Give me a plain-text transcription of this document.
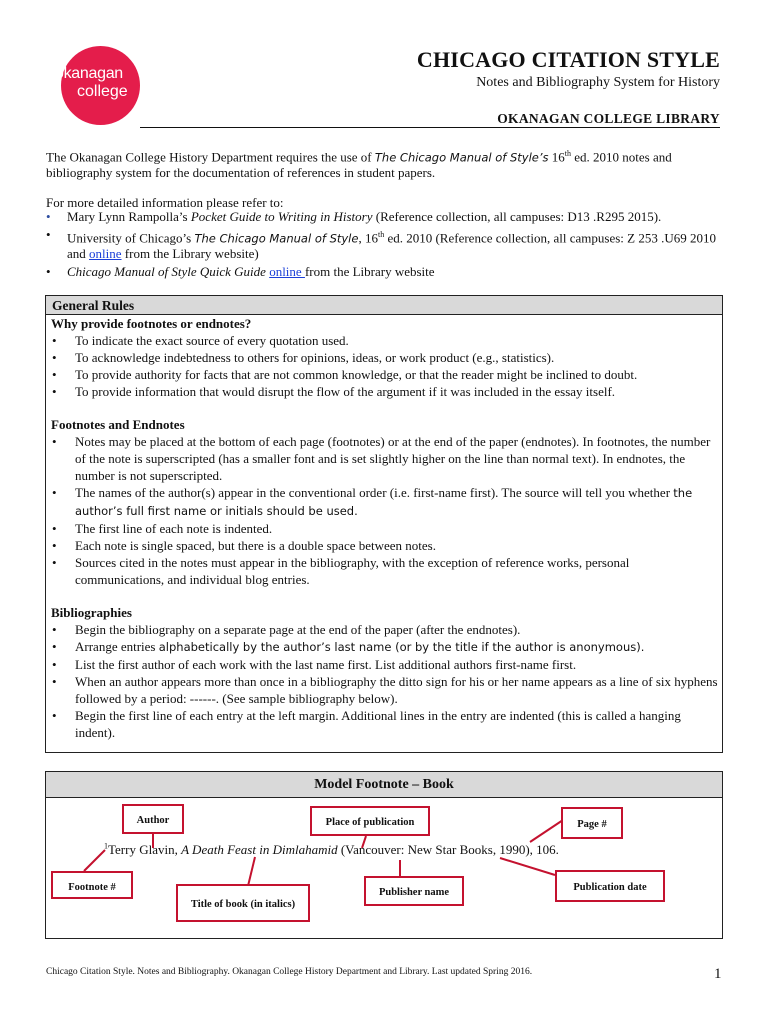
okanagan
college
CHICAGO CITATION STYLE
Notes and Bibliography System for History
OKANAGAN COLLEGE LIBRARY

The Okanagan College History Department requires the use of The Chicago Manual of Style’s 16th ed. 2010 notes and bibliography system for the documentation of references in student papers.

For more detailed information please refer to:

• Mary Lynn Rampolla’s Pocket Guide to Writing in History (Reference collection, all campuses: D13 .R295 2015).
• University of Chicago’s The Chicago Manual of Style, 16th ed. 2010 (Reference collection, all campuses: Z 253 .U69 2010 and online from the Library website)
• Chicago Manual of Style Quick Guide online from the Library website
General Rules
Why provide footnotes or endnotes?
• To indicate the exact source of every quotation used.
• To acknowledge indebtedness to others for opinions, ideas, or work product (e.g., statistics).
• To provide authority for facts that are not common knowledge, or that the reader might be inclined to doubt.
• To provide information that would disrupt the flow of the argument if it was included in the essay itself.
Footnotes and Endnotes
• Notes may be placed at the bottom of each page (footnotes) or at the end of the paper (endnotes). In footnotes, the number of the note is superscripted (has a smaller font and is set slightly higher on the line than normal text). In endnotes, the number is not superscripted.
• The names of the author(s) appear in the conventional order (i.e. first-name first). The source will tell you whether the author’s full first name or initials should be used.
• The first line of each note is indented.
• Each note is single spaced, but there is a double space between notes.
• Sources cited in the notes must appear in the bibliography, with the exception of reference works, personal communications, and individual blog entries.
Bibliographies
• Begin the bibliography on a separate page at the end of the paper (after the endnotes).
• Arrange entries alphabetically by the author’s last name (or by the title if the author is anonymous).
• List the first author of each work with the last name first. List additional authors first-name first.
• When an author appears more than once in a bibliography the ditto sign for his or her name appears as a line of six hyphens followed by a period: ------. (See sample bibliography below).
• Begin the first line of each entry at the left margin. Additional lines in the entry are indented (this is called a hanging indent).
Model Footnote – Book
Author	Place of publication	Page #
Footnote #
Title of book (in italics)
Publisher name	Publication date
$^1$Terry Glavin, A Death Feast in Dimlahamid (Vancouver: New Star Books, 1990), 106.
Chicago Citation Style. Notes and Bibliography. Okanagan College History Department and Library. Last updated Spring 2016.	1
